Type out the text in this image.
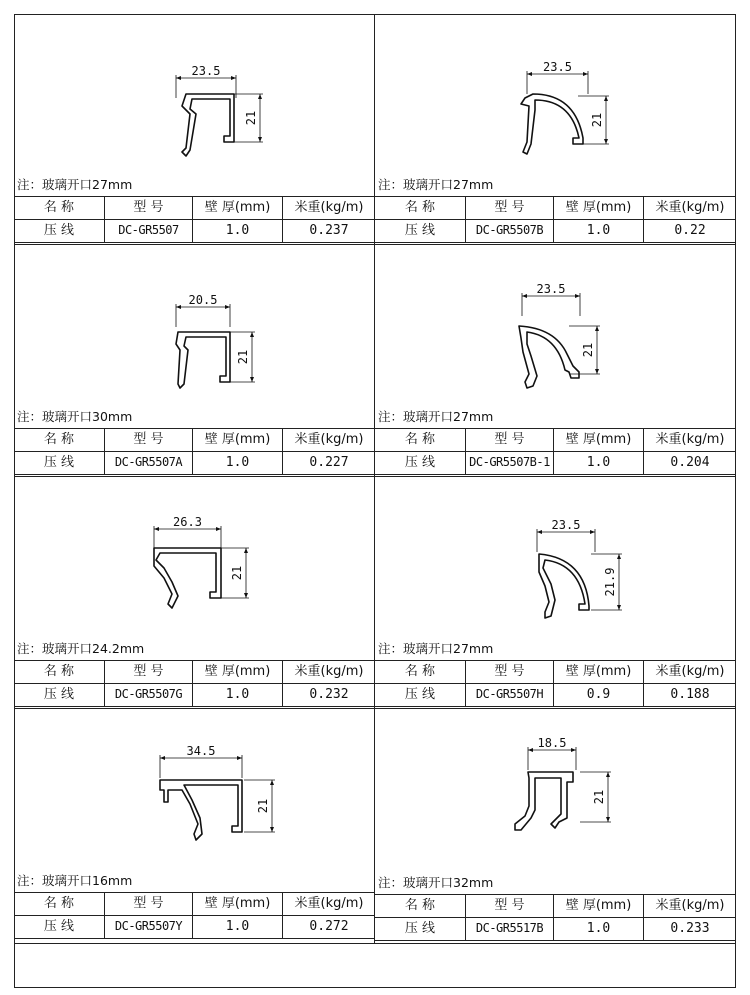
23.5
21
注：玻璃开口27mm
名 称	型 号	壁 厚(mm)	米重(kg/m)
压 线	DC-GR5507	1.0	0.237
23.5
21
注：玻璃开口27mm
名 称	型 号	壁 厚(mm)	米重(kg/m)
压 线	DC-GR5507B	1.0	0.22
20.5
21
注：玻璃开口30mm
名 称	型 号	壁 厚(mm)	米重(kg/m)
压 线	DC-GR5507A	1.0	0.227
23.5
21
注：玻璃开口27mm
名 称	型 号	壁 厚(mm)	米重(kg/m)
压 线	DC-GR5507B-1	1.0	0.204
26.3
21
注：玻璃开口24.2mm
名 称	型 号	壁 厚(mm)	米重(kg/m)
压 线	DC-GR5507G	1.0	0.232
23.5
21.9
注：玻璃开口27mm
名 称	型 号	壁 厚(mm)	米重(kg/m)
压 线	DC-GR5507H	0.9	0.188
34.5
21
注：玻璃开口16mm
名 称	型 号	壁 厚(mm)	米重(kg/m)
压 线	DC-GR5507Y	1.0	0.272
18.5
21
注：玻璃开口32mm
名 称	型 号	壁 厚(mm)	米重(kg/m)
压 线	DC-GR5517B	1.0	0.233
